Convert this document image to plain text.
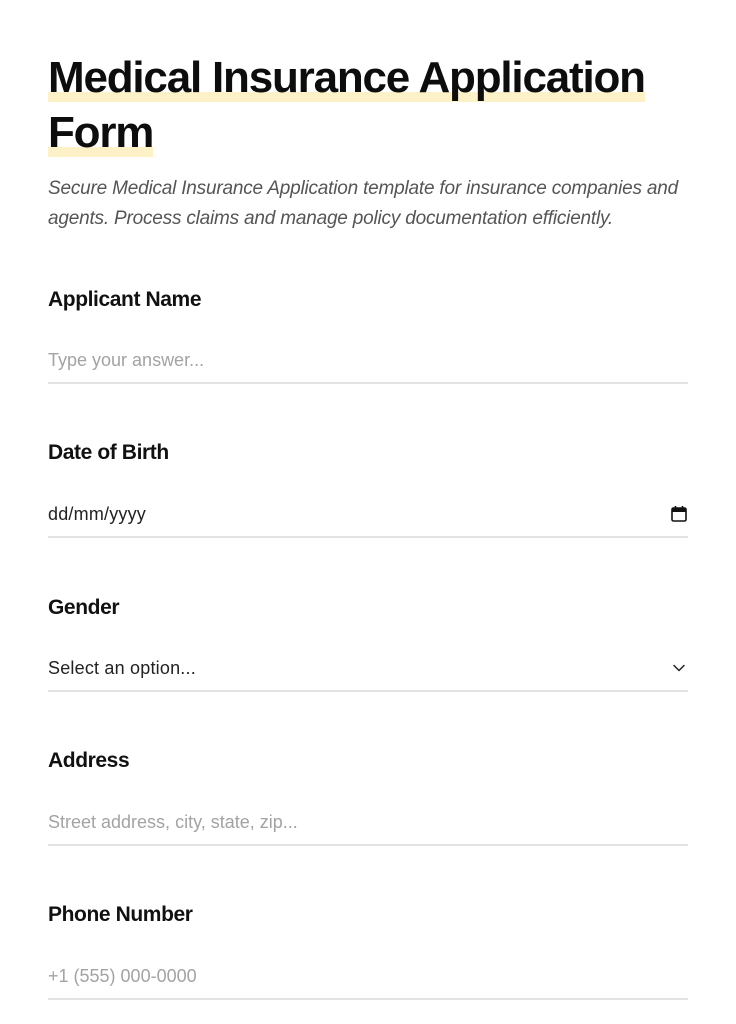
Medical Insurance Application Form

Secure Medical Insurance Application template for insurance companies and agents. Process claims and manage policy documentation efficiently.

Applicant Name
Type your answer...
Date of Birth
dd/mm/yyyy
Gender
Select an option...
Address
Street address, city, state, zip...
Phone Number
+1 (555) 000-0000
